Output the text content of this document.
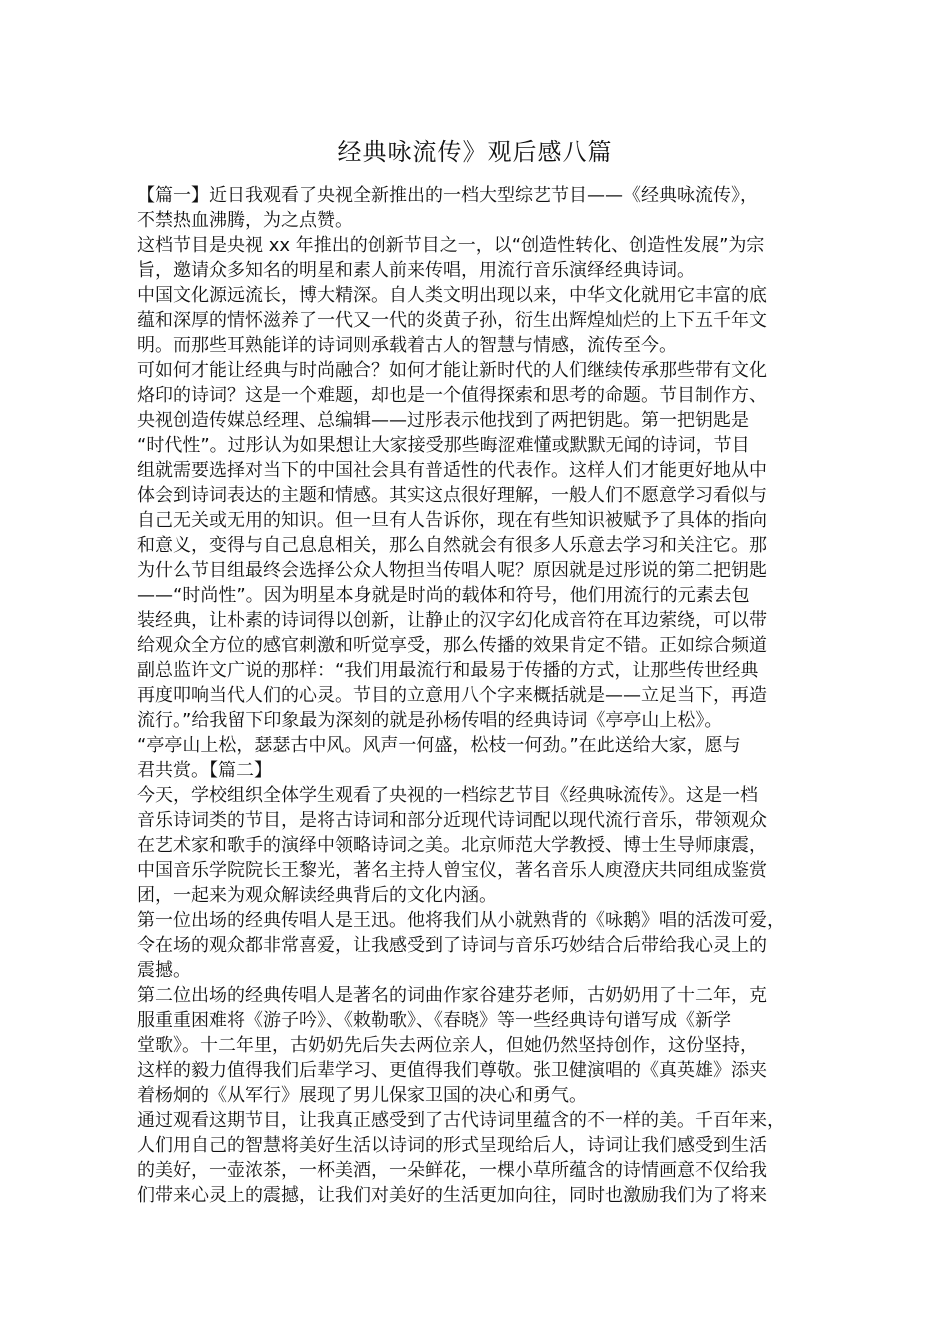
经典咏流传》观后感八篇
【篇一】近日我观看了央视全新推出的一档大型综艺节目——《经典咏流传》，
不禁热血沸腾，为之点赞。
这档节目是央视 xx 年推出的创新节目之一，以“创造性转化、创造性发展”为宗
旨，邀请众多知名的明星和素人前来传唱，用流行音乐演绎经典诗词。
中国文化源远流长，博大精深。自人类文明出现以来，中华文化就用它丰富的底
蕴和深厚的情怀滋养了一代又一代的炎黄子孙，衍生出辉煌灿烂的上下五千年文
明。而那些耳熟能详的诗词则承载着古人的智慧与情感，流传至今。
可如何才能让经典与时尚融合？如何才能让新时代的人们继续传承那些带有文化
烙印的诗词？这是一个难题，却也是一个值得探索和思考的命题。节目制作方、
央视创造传媒总经理、总编辑——过彤表示他找到了两把钥匙。第一把钥匙是
“时代性”。过彤认为如果想让大家接受那些晦涩难懂或默默无闻的诗词，节目
组就需要选择对当下的中国社会具有普适性的代表作。这样人们才能更好地从中
体会到诗词表达的主题和情感。其实这点很好理解，一般人们不愿意学习看似与
自己无关或无用的知识。但一旦有人告诉你，现在有些知识被赋予了具体的指向
和意义，变得与自己息息相关，那么自然就会有很多人乐意去学习和关注它。那
为什么节目组最终会选择公众人物担当传唱人呢？原因就是过彤说的第二把钥匙
——“时尚性”。因为明星本身就是时尚的载体和符号，他们用流行的元素去包
装经典，让朴素的诗词得以创新，让静止的汉字幻化成音符在耳边萦绕，可以带
给观众全方位的感官刺激和听觉享受，那么传播的效果肯定不错。正如综合频道
副总监许文广说的那样：“我们用最流行和最易于传播的方式，让那些传世经典
再度叩响当代人们的心灵。节目的立意用八个字来概括就是——立足当下，再造
流行。”给我留下印象最为深刻的就是孙杨传唱的经典诗词《亭亭山上松》。
“亭亭山上松，瑟瑟古中风。风声一何盛，松枝一何劲。”在此送给大家，愿与
君共赏。【篇二】
今天，学校组织全体学生观看了央视的一档综艺节目《经典咏流传》。这是一档
音乐诗词类的节目，是将古诗词和部分近现代诗词配以现代流行音乐，带领观众
在艺术家和歌手的演绎中领略诗词之美。北京师范大学教授、博士生导师康震，
中国音乐学院院长王黎光，著名主持人曾宝仪，著名音乐人庾澄庆共同组成鉴赏
团，一起来为观众解读经典背后的文化内涵。
第一位出场的经典传唱人是王迅。他将我们从小就熟背的《咏鹅》唱的活泼可爱，
令在场的观众都非常喜爱，让我感受到了诗词与音乐巧妙结合后带给我心灵上的
震撼。
第二位出场的经典传唱人是著名的词曲作家谷建芬老师，古奶奶用了十二年，克
服重重困难将《游子吟》、《敕勒歌》、《春晓》等一些经典诗句谱写成《新学
堂歌》。十二年里，古奶奶先后失去两位亲人，但她仍然坚持创作，这份坚持，
这样的毅力值得我们后辈学习、更值得我们尊敬。张卫健演唱的《真英雄》添夹
着杨炯的《从军行》展现了男儿保家卫国的决心和勇气。
通过观看这期节目，让我真正感受到了古代诗词里蕴含的不一样的美。千百年来，
人们用自己的智慧将美好生活以诗词的形式呈现给后人，诗词让我们感受到生活
的美好，一壶浓茶，一杯美酒，一朵鲜花，一棵小草所蕴含的诗情画意不仅给我
们带来心灵上的震撼，让我们对美好的生活更加向往，同时也激励我们为了将来
